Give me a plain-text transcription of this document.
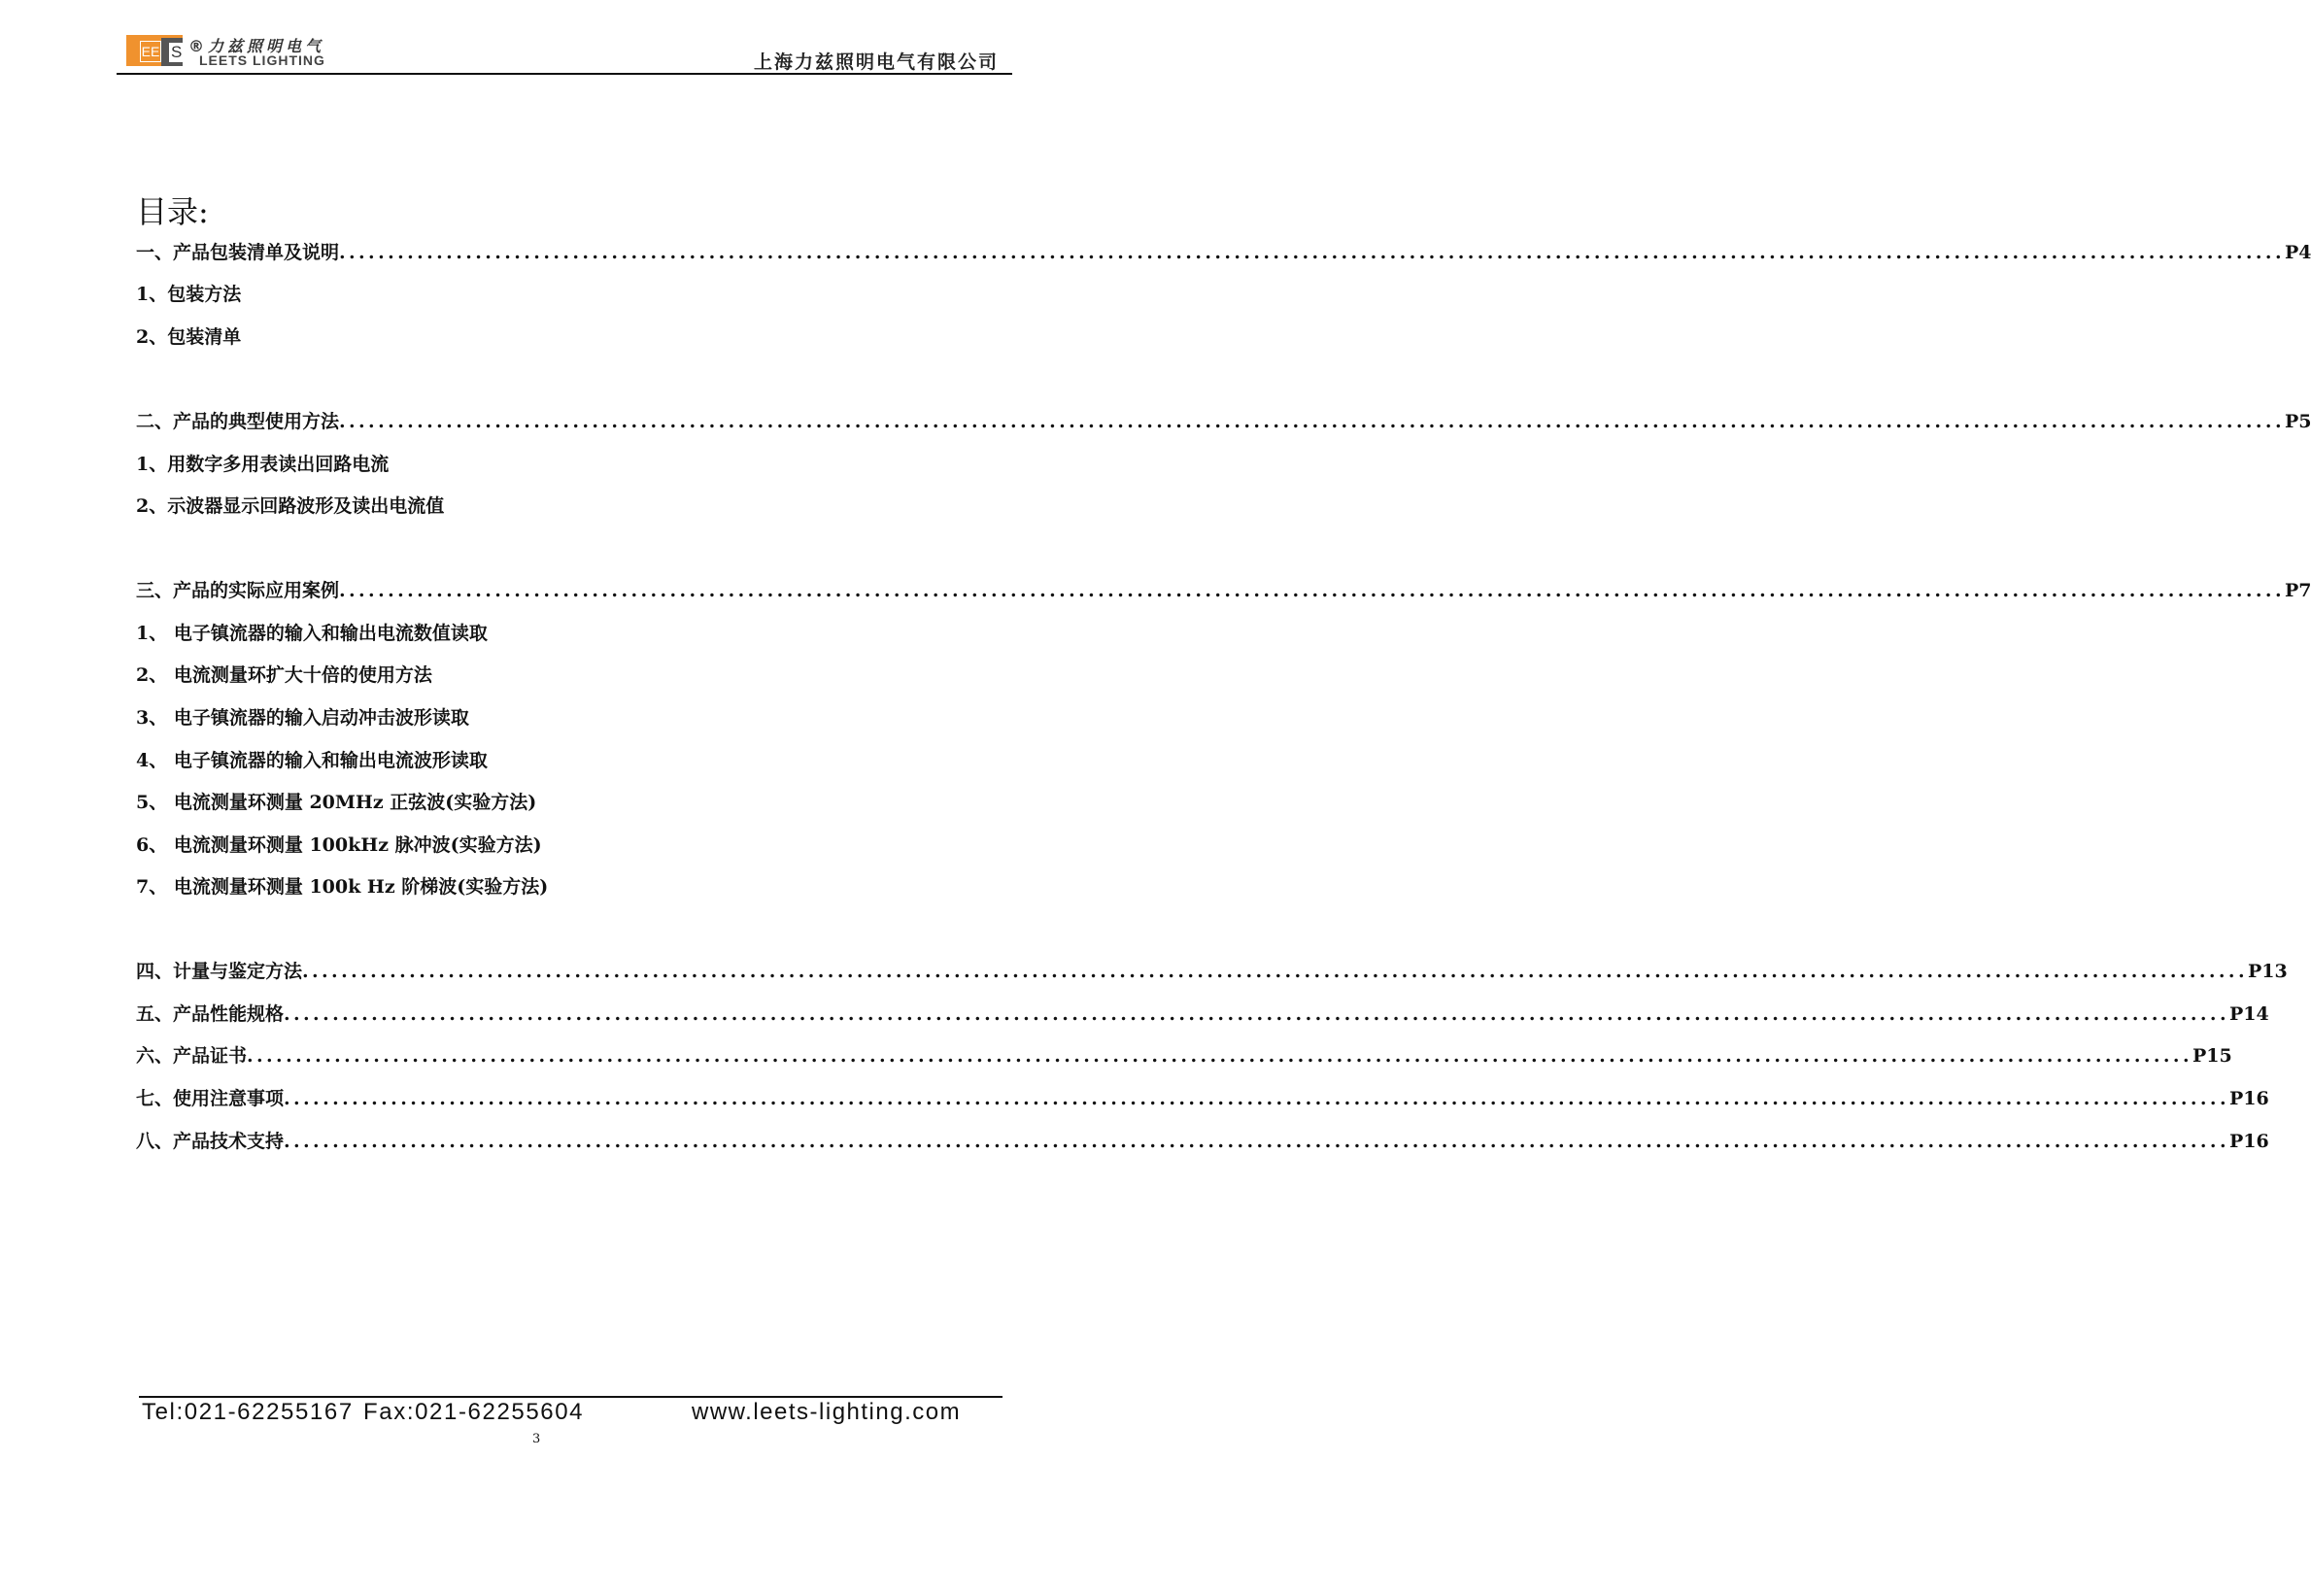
EE S ®力兹照明电气
LEETS LIGHTING	上海力兹照明电气有限公司
目录:
一、产品包装清单及说明 ........................................................................................................................................................................................................ P4
1、包装方法
2、包装清单
二、产品的典型使用方法 ........................................................................................................................................................................................................ P5
1、用数字多用表读出回路电流
2、示波器显示回路波形及读出电流值
三、产品的实际应用案例 ........................................................................................................................................................................................................ P7
1、 电子镇流器的输入和输出电流数值读取
2、 电流测量环扩大十倍的使用方法
3、 电子镇流器的输入启动冲击波形读取
4、 电子镇流器的输入和输出电流波形读取
5、 电流测量环测量 20MHz 正弦波(实验方法)
6、 电流测量环测量 100kHz 脉冲波(实验方法)
7、 电流测量环测量 100k Hz 阶梯波(实验方法)
四、计量与鉴定方法 ........................................................................................................................................................................................................ P13
五、产品性能规格 ........................................................................................................................................................................................................ P14
六、产品证书 ........................................................................................................................................................................................................ P15
七、使用注意事项 ........................................................................................................................................................................................................ P16
八、产品技术支持 ........................................................................................................................................................................................................ P16
Tel:021-62255167 Fax:021-62255604	www.leets-lighting.com
3
